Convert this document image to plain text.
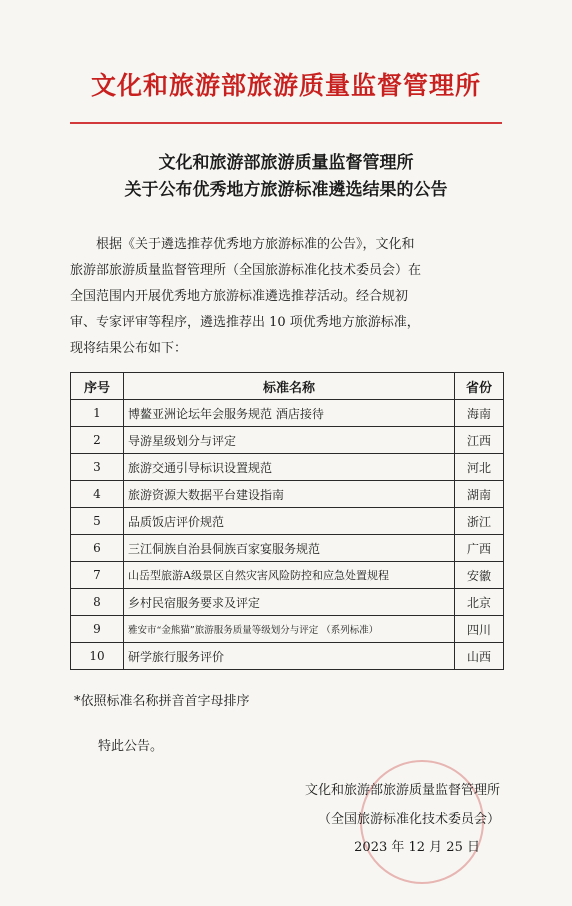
文化和旅游部旅游质量监督管理所
文化和旅游部旅游质量监督管理所
关于公布优秀地方旅游标准遴选结果的公告
根据《关于遴选推荐优秀地方旅游标准的公告》，文化和
旅游部旅游质量监督管理所（全国旅游标准化技术委员会）在
全国范围内开展优秀地方旅游标准遴选推荐活动。经合规初
审、专家评审等程序，遴选推荐出 10 项优秀地方旅游标准，
现将结果公布如下：
序号	标准名称	省份
1	博鳌亚洲论坛年会服务规范 酒店接待	海南
2	导游星级划分与评定	江西
3	旅游交通引导标识设置规范	河北
4	旅游资源大数据平台建设指南	湖南
5	品质饭店评价规范	浙江
6	三江侗族自治县侗族百家宴服务规范	广西
7	山岳型旅游A级景区自然灾害风险防控和应急处置规程	安徽
8	乡村民宿服务要求及评定	北京
9	雅安市“金熊猫”旅游服务质量等级划分与评定 （系列标准）	四川
10	研学旅行服务评价	山西
*依照标准名称拼音首字母排序
特此公告。
文化和旅游部旅游质量监督管理所
（全国旅游标准化技术委员会）
2023 年 12 月 25 日
